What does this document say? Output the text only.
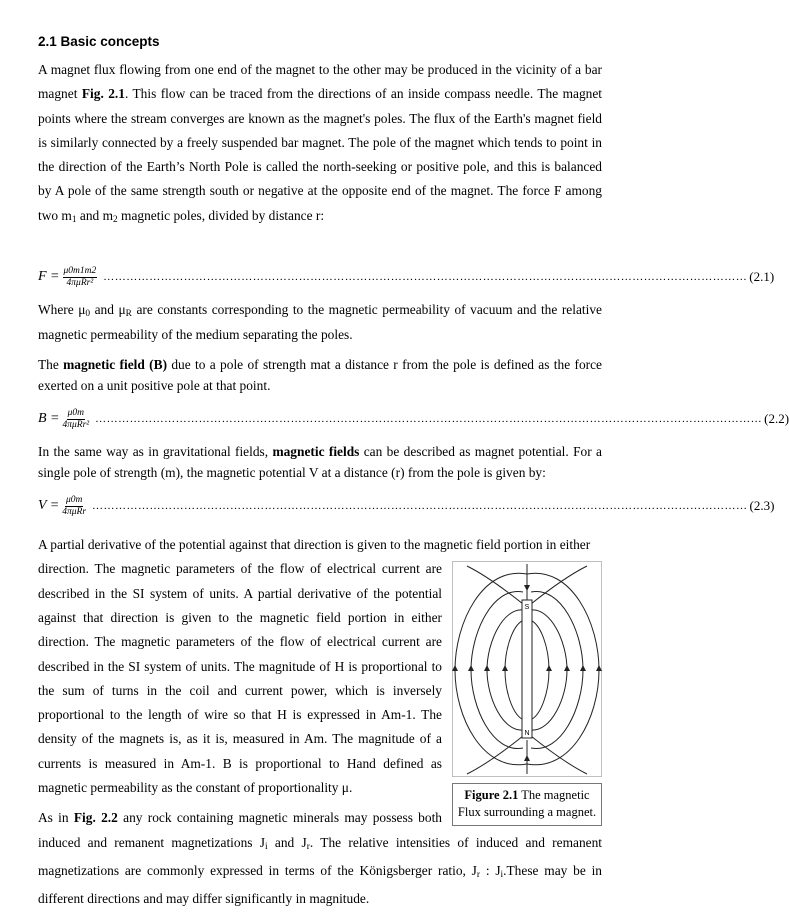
2.1 Basic concepts

A magnet flux flowing from one end of the magnet to the other may be produced in the vicinity of a bar magnet Fig. 2.1. This flow can be traced from the directions of an inside compass needle. The magnet points where the stream converges are known as the magnet's poles. The flux of the Earth's magnet field is similarly connected by a freely suspended bar magnet. The pole of the magnet which tends to point in the direction of the Earth’s North Pole is called the north-seeking or positive pole, and this is balanced by A pole of the same strength south or negative at the opposite end of the magnet. The force F among two $m_1$ and $m_2$ magnetic poles, divided by distance r:

$F = \frac{\mu 0m1m2}{\text{4πμRr²}}$ …………………………………………………………………………………………………………………………………………………… (2.1)

Where $\mu_0$ and $\mu_R$ are constants corresponding to the magnetic permeability of vacuum and the relative magnetic permeability of the medium separating the poles.

The magnetic field (B) due to a pole of strength mat a distance r from the pole is defined as the force exerted on a unit positive pole at that point.

$B = \frac{\mu 0m}{\text{4πμRr²}}$ ………………………………………………………………………………………………………………………………………………………… (2.2)

In the same way as in gravitational fields, magnetic fields can be described as magnet potential. For a single pole of strength (m), the magnetic potential V at a distance (r) from the pole is given by:

$V = \frac{\mu 0m}{\text{4πμRr}}$ ……………………………………………………………………………………………………………………………………………………… (2.3)

A partial derivative of the potential against that direction is given to the magnetic field portion in either

S
N
Figure 2.1 The magnetic Flux surrounding a magnet.

direction. The magnetic parameters of the flow of electrical current are described in the SI system of units. A partial derivative of the potential against that direction is given to the magnetic field portion in either direction. The magnetic parameters of the flow of electrical current are described in the SI system of units. The magnitude of H is proportional to the sum of turns in the coil and current power, which is inversely proportional to the length of wire so that H is expressed in Am-1. The density of the magnets is, as it is, measured in Am. The magnitude of a currents is measured in Am-1. B is proportional to Hand defined as magnetic permeability as the constant of proportionality μ.

As in Fig. 2.2 any rock containing magnetic minerals may possess both induced and remanent magnetizations $J_i$ and $J_r$. The relative intensities of induced and remanent magnetizations are commonly expressed in terms of the Königsberger ratio, $J_r$ : $J_i.These$ may be in different directions and may differ significantly in magnitude.
